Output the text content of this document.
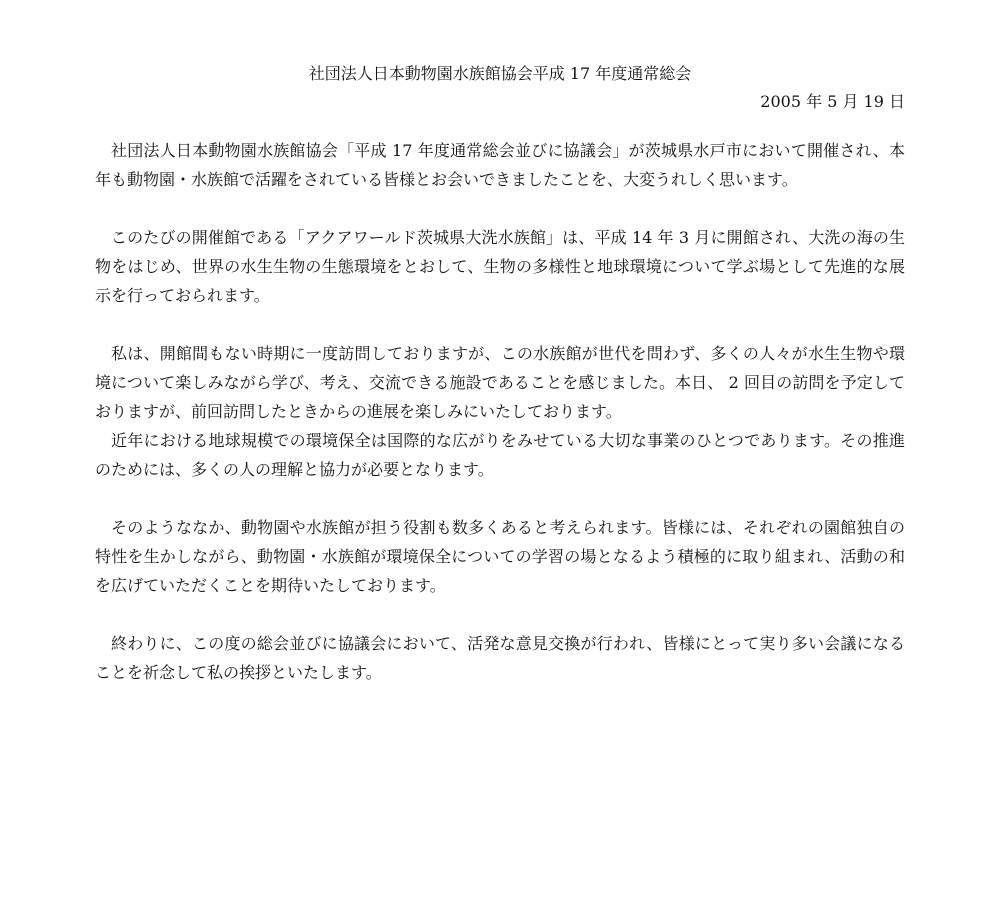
社団法人日本動物園水族館協会平成 17 年度通常総会

2005 年 5 月 19 日

社団法人日本動物園水族館協会「平成 17 年度通常総会並びに協議会」が茨城県水戸市において開催され、本年も動物園・水族館で活躍をされている皆様とお会いできましたことを、大変うれしく思います。

このたびの開催館である「アクアワールド茨城県大洗水族館」は、平成 14 年 3 月に開館され、大洗の海の生物をはじめ、世界の水生生物の生態環境をとおして、生物の多様性と地球環境について学ぶ場として先進的な展示を行っておられます。

私は、開館間もない時期に一度訪問しておりますが、この水族館が世代を問わず、多くの人々が水生生物や環境について楽しみながら学び、考え、交流できる施設であることを感じました。本日、 2 回目の訪問を予定しておりますが、前回訪問したときからの進展を楽しみにいたしております。

近年における地球規模での環境保全は国際的な広がりをみせている大切な事業のひとつであります。その推進のためには、多くの人の理解と協力が必要となります。

そのようななか、動物園や水族館が担う役割も数多くあると考えられます。皆様には、それぞれの園館独自の特性を生かしながら、動物園・水族館が環境保全についての学習の場となるよう積極的に取り組まれ、活動の和を広げていただくことを期待いたしております。

終わりに、この度の総会並びに協議会において、活発な意見交換が行われ、皆様にとって実り多い会議になることを祈念して私の挨拶といたします。
